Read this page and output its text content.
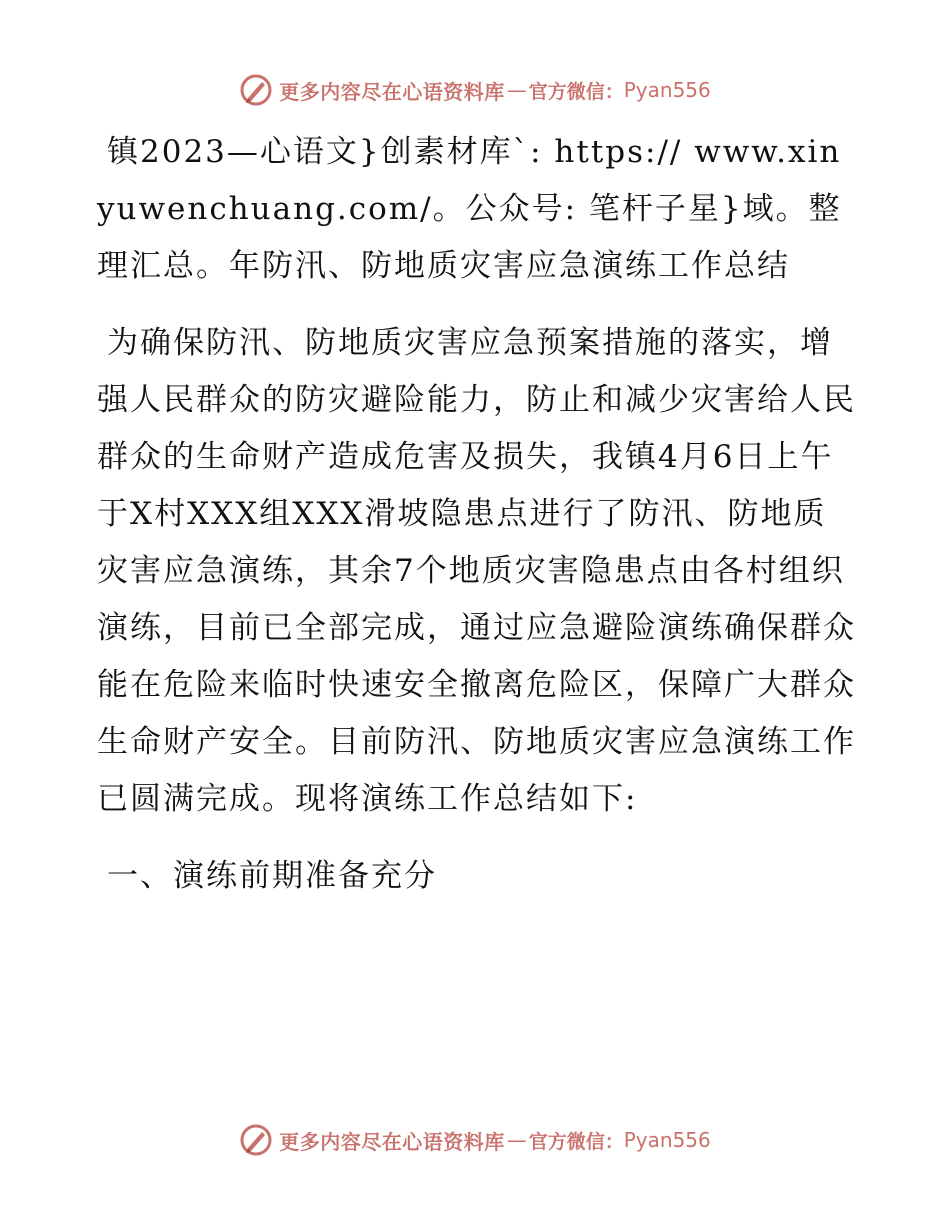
更多内容尽在心语资料库 — 官方微信： Pyan556

镇2023—心语文}创素材库`: https:// www.xinyuwenchuang.com/。公众号: 笔杆子星}域。整理汇总。年防汛、防地质灾害应急演练工作总结

为确保防汛、防地质灾害应急预案措施的落实，增强人民群众的防灾避险能力，防止和减少灾害给人民群众的生命财产造成危害及损失，我镇4月6日上午于X村XXX组XXX滑坡隐患点进行了防汛、防地质灾害应急演练，其余7个地质灾害隐患点由各村组织演练，目前已全部完成，通过应急避险演练确保群众能在危险来临时快速安全撤离危险区，保障广大群众生命财产安全。目前防汛、防地质灾害应急演练工作已圆满完成。现将演练工作总结如下:

一、演练前期准备充分

更多内容尽在心语资料库 — 官方微信： Pyan556
